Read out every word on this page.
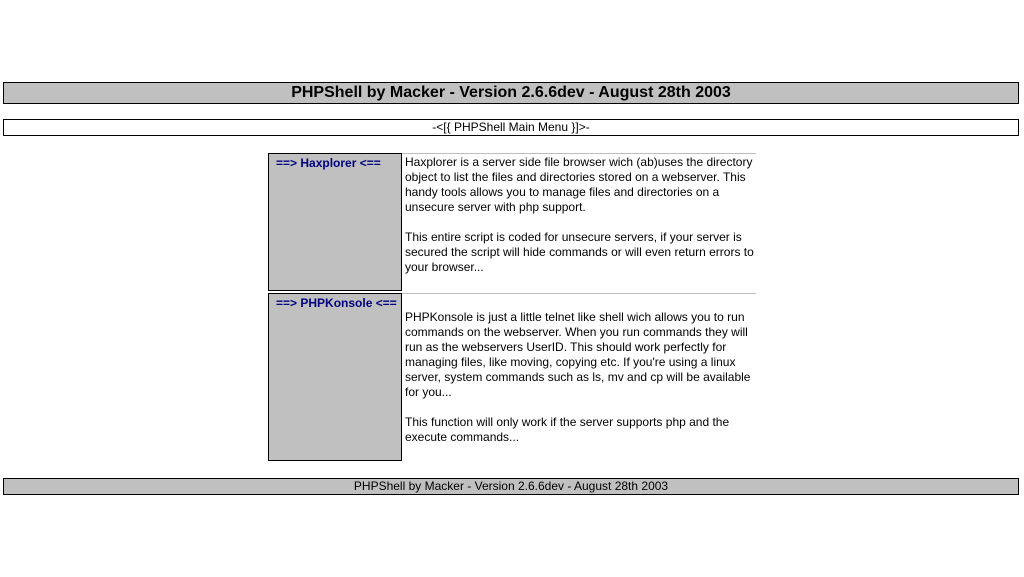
PHPShell by Macker - Version 2.6.6dev - August 28th 2003
-<[{ PHPShell Main Menu }]>-
==> Haxplorer <==	Haxplorer is a server side file browser wich (ab)uses the directory object to list the files and directories stored on a webserver. This handy tools allows you to manage files and directories on a unsecure server with php support.

This entire script is coded for unsecure servers, if your server is secured the script will hide commands or will even return errors to your browser...

==> PHPKonsole <==

PHPKonsole is just a little telnet like shell wich allows you to run commands on the webserver. When you run commands they will run as the webservers UserID. This should work perfectly for managing files, like moving, copying etc. If you're using a linux server, system commands such as ls, mv and cp will be available for you...

This function will only work if the server supports php and the execute commands...

PHPShell by Macker - Version 2.6.6dev - August 28th 2003
